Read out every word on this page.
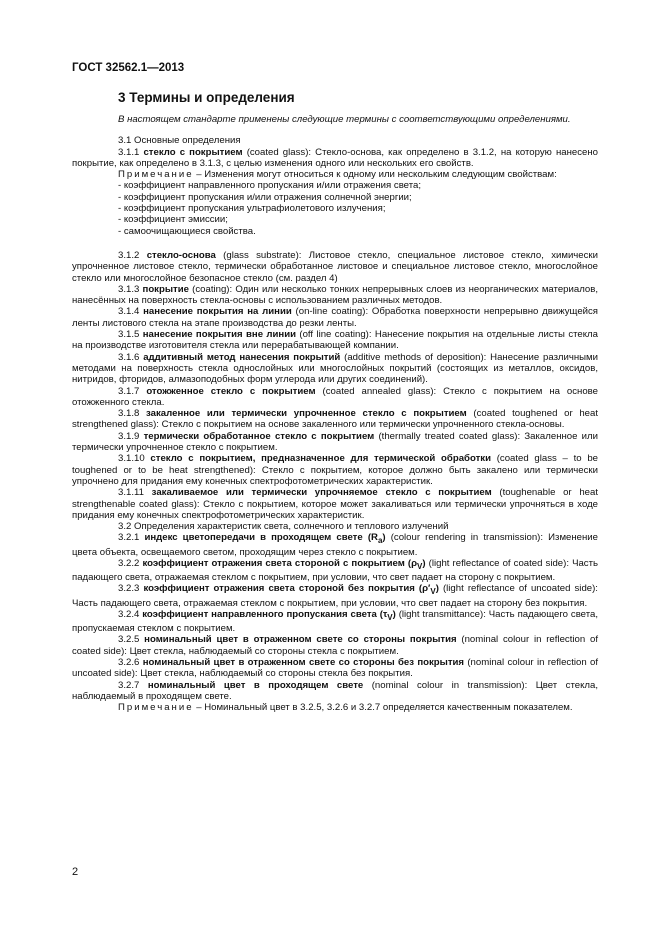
ГОСТ 32562.1—2013
3 Термины и определения

В настоящем стандарте применены следующие термины с соответствующими определениями.

3.1 Основные определения

3.1.1 стекло с покрытием (coated glass): Стекло-основа, как определено в 3.1.2, на которую нанесено покрытие, как определено в 3.1.3, с целью изменения одного или нескольких его свойств.

Примечание – Изменения могут относиться к одному или нескольким следующим свойствам:

- коэффициент направленного пропускания и/или отражения света;
- коэффициент пропускания и/или отражения солнечной энергии;
- коэффициент пропускания ультрафиолетового излучения;
- коэффициент эмиссии;
- самоочищающиеся свойства.

3.1.2 стекло-основа (glass substrate): Листовое стекло, специальное листовое стекло, химически упрочненное листовое стекло, термически обработанное листовое и специальное листовое стекло, многослойное стекло или многослойное безопасное стекло (см. раздел 4)

3.1.3 покрытие (coating): Один или несколько тонких непрерывных слоев из неорганических материалов, нанесённых на поверхность стекла-основы с использованием различных методов.

3.1.4 нанесение покрытия на линии (on-line coating): Обработка поверхности непрерывно движущейся ленты листового стекла на этапе производства до резки ленты.

3.1.5 нанесение покрытия вне линии (off line coating): Нанесение покрытия на отдельные листы стекла на производстве изготовителя стекла или перерабатывающей компании.

3.1.6 аддитивный метод нанесения покрытий (additive methods of deposition): Нанесение различными методами на поверхность стекла однослойных или многослойных покрытий (состоящих из металлов, оксидов, нитридов, фторидов, алмазоподобных форм углерода или других соединений).

3.1.7 отожженное стекло с покрытием (coated annealed glass): Стекло с покрытием на основе отожженного стекла.

3.1.8 закаленное или термически упрочненное стекло с покрытием (coated toughened or heat strengthened glass): Стекло с покрытием на основе закаленного или термически упрочненного стекла-основы.

3.1.9 термически обработанное стекло с покрытием (thermally treated coated glass): Закаленное или термически упрочненное стекло с покрытием.

3.1.10 стекло с покрытием, предназначенное для термической обработки (coated glass – to be toughened or to be heat strengthened): Стекло с покрытием, которое должно быть закалено или термически упрочнено для придания ему конечных спектрофотометрических характеристик.

3.1.11 закаливаемое или термически упрочняемое стекло с покрытием (toughenable or heat strengthenable coated glass): Стекло с покрытием, которое может закаливаться или термически упрочняться в ходе придания ему конечных спектрофотометрических характеристик.

3.2 Определения характеристик света, солнечного и теплового излучений

3.2.1 индекс цветопередачи в проходящем свете $(R_a)$ (colour rendering in transmission): Изменение цвета объекта, освещаемого светом, проходящим через стекло с покрытием.

3.2.2 коэффициент отражения света стороной с покрытием $(\rho_V)$ (light reflectance of coated side): Часть падающего света, отражаемая стеклом с покрытием, при условии, что свет падает на сторону с покрытием.

3.2.3 коэффициент отражения света стороной без покрытия $(\rho'_V)$ (light reflectance of uncoated side): Часть падающего света, отражаемая стеклом с покрытием, при условии, что свет падает на сторону без покрытия.

3.2.4 коэффициент направленного пропускания света $(\tau_V)$ (light transmittance): Часть падающего света, пропускаемая стеклом с покрытием.

3.2.5 номинальный цвет в отраженном свете со стороны покрытия (nominal colour in reflection of coated side): Цвет стекла, наблюдаемый со стороны стекла с покрытием.

3.2.6 номинальный цвет в отраженном свете со стороны без покрытия (nominal colour in reflection of uncoated side): Цвет стекла, наблюдаемый со стороны стекла без покрытия.

3.2.7 номинальный цвет в проходящем свете (nominal colour in transmission): Цвет стекла, наблюдаемый в проходящем свете.

Примечание – Номинальный цвет в 3.2.5, 3.2.6 и 3.2.7 определяется качественным показателем.

2
